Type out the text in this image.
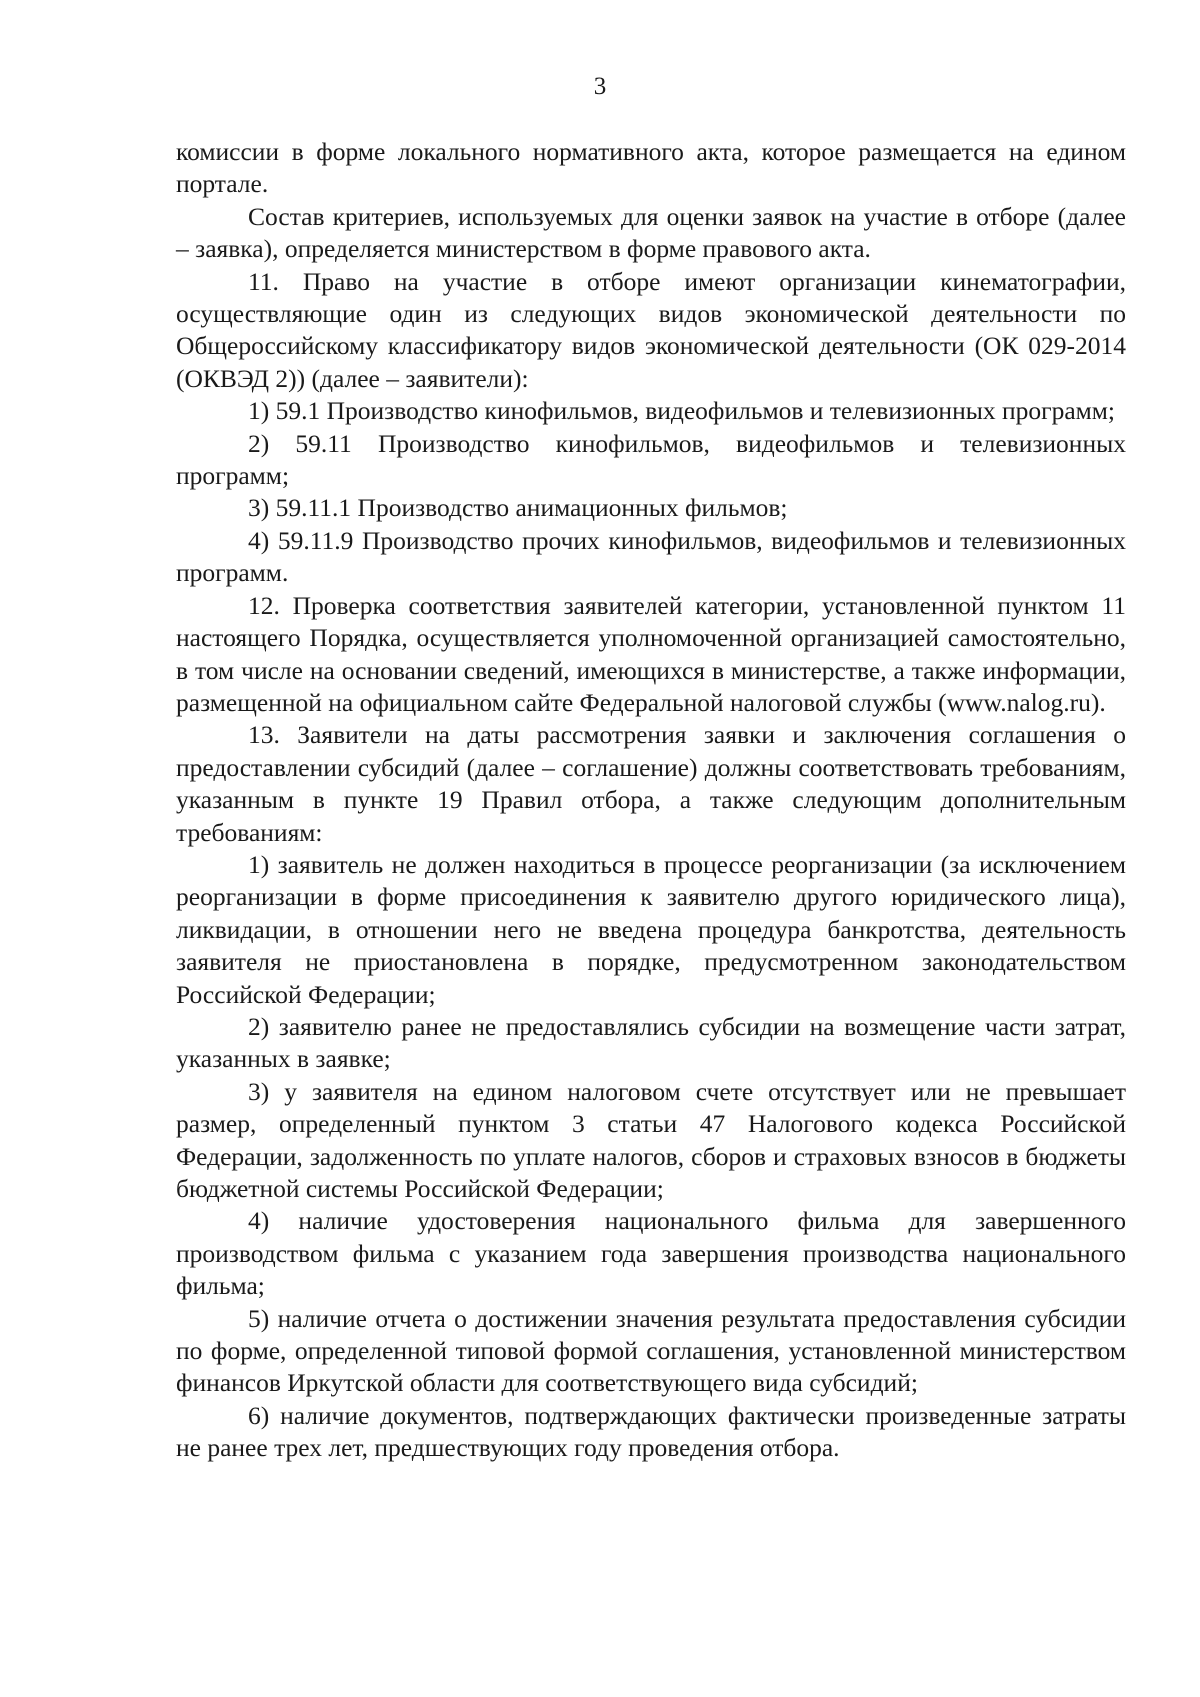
3

комиссии в форме локального нормативного акта, которое размещается на едином портале.

Состав критериев, используемых для оценки заявок на участие в отборе (далее – заявка), определяется министерством в форме правового акта.

11. Право на участие в отборе имеют организации кинематографии, осуществляющие один из следующих видов экономической деятельности по Общероссийскому классификатору видов экономической деятельности (ОК 029-2014 (ОКВЭД 2)) (далее – заявители):

1) 59.1 Производство кинофильмов, видеофильмов и телевизионных программ;

2) 59.11 Производство кинофильмов, видеофильмов и телевизионных программ;

3) 59.11.1 Производство анимационных фильмов;

4) 59.11.9 Производство прочих кинофильмов, видеофильмов и телевизионных программ.

12. Проверка соответствия заявителей категории, установленной пунктом 11 настоящего Порядка, осуществляется уполномоченной организацией самостоятельно, в том числе на основании сведений, имеющихся в министерстве, а также информации, размещенной на официальном сайте Федеральной налоговой службы (www.nalog.ru).

13. Заявители на даты рассмотрения заявки и заключения соглашения о предоставлении субсидий (далее – соглашение) должны соответствовать требованиям, указанным в пункте 19 Правил отбора, а также следующим дополнительным требованиям:

1) заявитель не должен находиться в процессе реорганизации (за исключением реорганизации в форме присоединения к заявителю другого юридического лица), ликвидации, в отношении него не введена процедура банкротства, деятельность заявителя не приостановлена в порядке, предусмотренном законодательством Российской Федерации;

2) заявителю ранее не предоставлялись субсидии на возмещение части затрат, указанных в заявке;

3) у заявителя на едином налоговом счете отсутствует или не превышает размер, определенный пунктом 3 статьи 47 Налогового кодекса Российской Федерации, задолженность по уплате налогов, сборов и страховых взносов в бюджеты бюджетной системы Российской Федерации;

4) наличие удостоверения национального фильма для завершенного производством фильма с указанием года завершения производства национального фильма;

5) наличие отчета о достижении значения результата предоставления субсидии по форме, определенной типовой формой соглашения, установленной министерством финансов Иркутской области для соответствующего вида субсидий;

6) наличие документов, подтверждающих фактически произведенные затраты не ранее трех лет, предшествующих году проведения отбора.
